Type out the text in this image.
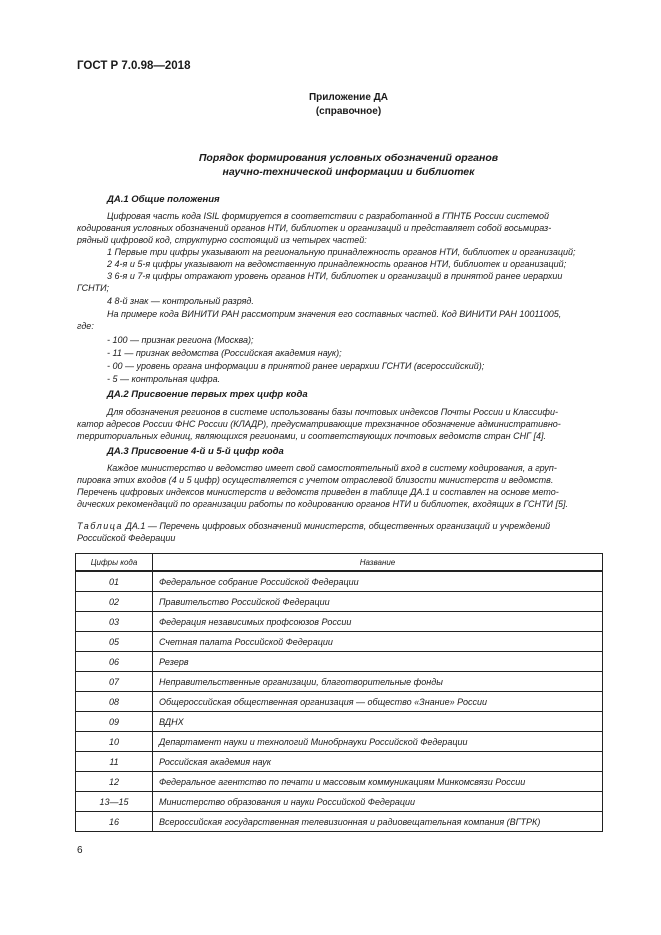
ГОСТ Р 7.0.98—2018
Приложение ДА
(справочное)
Порядок формирования условных обозначений органов
научно-технической информации и библиотек
ДА.1 Общие положения
Цифровая часть кода ISIL формируется в соответствии с разработанной в ГПНТБ России системой
кодирования условных обозначений органов НТИ, библиотек и организаций и представляет собой восьмираз-
рядный цифровой код, структурно состоящий из четырех частей:
1 Первые три цифры указывают на региональную принадлежность органов НТИ, библиотек и организаций;
2 4-я и 5-я цифры указывают на ведомственную принадлежность органов НТИ, библиотек и организаций;
3 6-я и 7-я цифры отражают уровень органов НТИ, библиотек и организаций в принятой ранее иерархии
ГСНТИ;
4 8-й знак — контрольный разряд.
На примере кода ВИНИТИ РАН рассмотрим значения его составных частей. Код ВИНИТИ РАН 10011005,
где:
- 100 — признак региона (Москва);
- 11 — признак ведомства (Российская академия наук);
- 00 — уровень органа информации в принятой ранее иерархии ГСНТИ (всероссийский);
- 5 — контрольная цифра.
ДА.2 Присвоение первых трех цифр кода
Для обозначения регионов в системе использованы базы почтовых индексов Почты России и Классифи-
катор адресов России ФНС России (КЛАДР), предусматривающие трехзначное обозначение административно-
территориальных единиц, являющихся регионами, и соответствующих почтовых ведомств стран СНГ [4].
ДА.3 Присвоение 4-й и 5-й цифр кода
Каждое министерство и ведомство имеет свой самостоятельный вход в систему кодирования, а груп-
пировка этих входов (4 и 5 цифр) осуществляется с учетом отраслевой близости министерств и ведомств.
Перечень цифровых индексов министерств и ведомств приведен в таблице ДА.1 и составлен на основе мето-
дических рекомендаций по организации работы по кодированию органов НТИ и библиотек, входящих в ГСНТИ [5].
Таблица ДА.1 — Перечень цифровых обозначений министерств, общественных организаций и учреждений
Российской Федерации
Цифры кода	Название
01	Федеральное собрание Российской Федерации
02	Правительство Российской Федерации
03	Федерация независимых профсоюзов России
05	Счетная палата Российской Федерации
06	Резерв
07	Неправительственные организации, благотворительные фонды
08	Общероссийская общественная организация — общество «Знание» России
09	ВДНХ
10	Департамент науки и технологий Минобрнауки Российской Федерации
11	Российская академия наук
12	Федеральное агентство по печати и массовым коммуникациям Минкомсвязи России
13—15	Министерство образования и науки Российской Федерации
16	Всероссийская государственная телевизионная и радиовещательная компания (ВГТРК)
6
